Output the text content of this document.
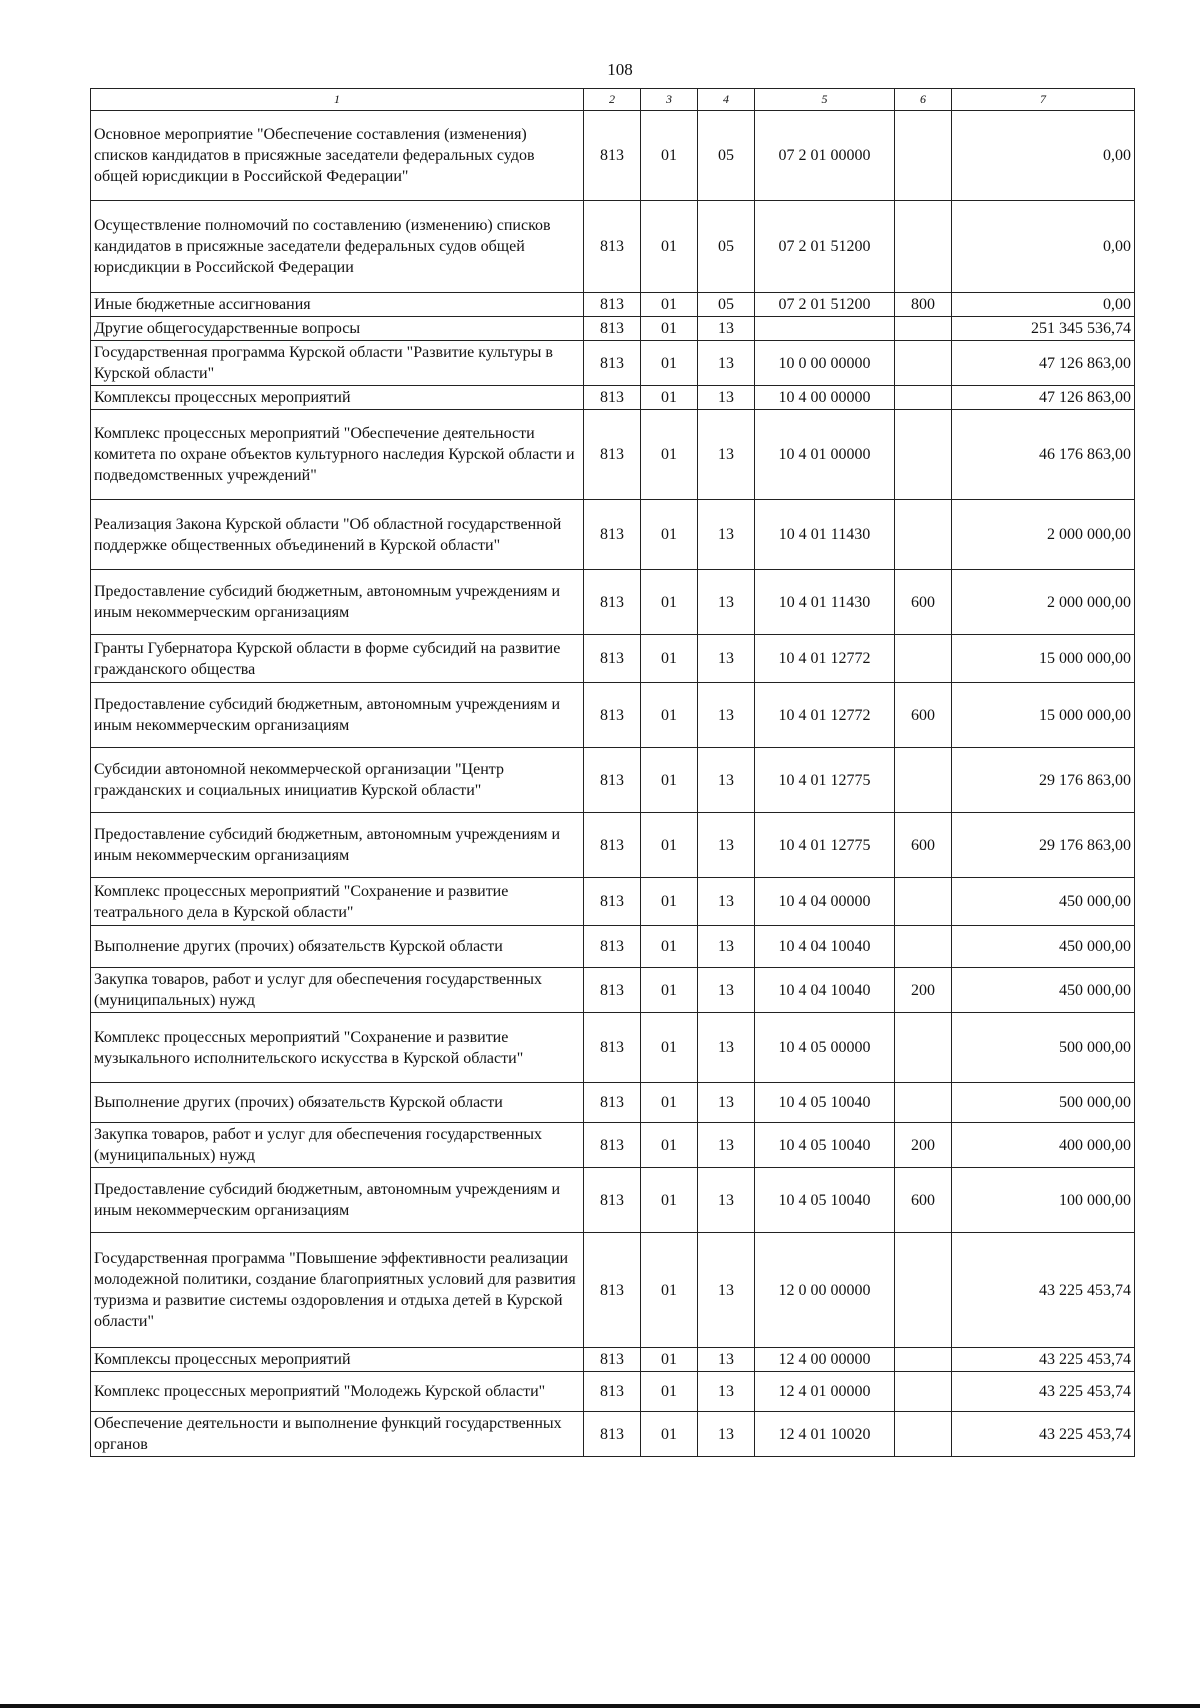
108
1	2	3	4	5	6	7
Основное мероприятие "Обеспечение составления (изменения) списков кандидатов в присяжные заседатели федеральных судов общей юрисдикции в Российской Федерации"	813	01	05	07 2 01 00000		0,00
Осуществление полномочий по составлению (изменению) списков кандидатов в присяжные заседатели федеральных судов общей юрисдикции в Российской Федерации	813	01	05	07 2 01 51200		0,00
Иные бюджетные ассигнования	813	01	05	07 2 01 51200	800	0,00
Другие общегосударственные вопросы	813	01	13			251 345 536,74
Государственная программа Курской области "Развитие культуры в Курской области"	813	01	13	10 0 00 00000		47 126 863,00
Комплексы процессных мероприятий	813	01	13	10 4 00 00000		47 126 863,00
Комплекс процессных мероприятий "Обеспечение деятельности комитета по охране объектов культурного наследия Курской области и подведомственных учреждений"	813	01	13	10 4 01 00000		46 176 863,00
Реализация Закона Курской области "Об областной государственной поддержке общественных объединений в Курской области"	813	01	13	10 4 01 11430		2 000 000,00
Предоставление субсидий бюджетным, автономным учреждениям и иным некоммерческим организациям	813	01	13	10 4 01 11430	600	2 000 000,00
Гранты Губернатора Курской области в форме субсидий на развитие гражданского общества	813	01	13	10 4 01 12772		15 000 000,00
Предоставление субсидий бюджетным, автономным учреждениям и иным некоммерческим организациям	813	01	13	10 4 01 12772	600	15 000 000,00
Субсидии автономной некоммерческой организации "Центр гражданских и социальных инициатив Курской области"	813	01	13	10 4 01 12775		29 176 863,00
Предоставление субсидий бюджетным, автономным учреждениям и иным некоммерческим организациям	813	01	13	10 4 01 12775	600	29 176 863,00
Комплекс процессных мероприятий "Сохранение и развитие театрального дела в Курской области"	813	01	13	10 4 04 00000		450 000,00
Выполнение других (прочих) обязательств Курской области	813	01	13	10 4 04 10040		450 000,00
Закупка товаров, работ и услуг для обеспечения государственных (муниципальных) нужд	813	01	13	10 4 04 10040	200	450 000,00
Комплекс процессных мероприятий "Сохранение и развитие музыкального исполнительского искусства в Курской области"	813	01	13	10 4 05 00000		500 000,00
Выполнение других (прочих) обязательств Курской области	813	01	13	10 4 05 10040		500 000,00
Закупка товаров, работ и услуг для обеспечения государственных (муниципальных) нужд	813	01	13	10 4 05 10040	200	400 000,00
Предоставление субсидий бюджетным, автономным учреждениям и иным некоммерческим организациям	813	01	13	10 4 05 10040	600	100 000,00
Государственная программа "Повышение эффективности реализации молодежной политики, создание благоприятных условий для развития туризма и развитие системы оздоровления и отдыха детей в Курской области"	813	01	13	12 0 00 00000		43 225 453,74
Комплексы процессных мероприятий	813	01	13	12 4 00 00000		43 225 453,74
Комплекс процессных мероприятий "Молодежь Курской области"	813	01	13	12 4 01 00000		43 225 453,74
Обеспечение деятельности и выполнение функций государственных органов	813	01	13	12 4 01 10020		43 225 453,74
